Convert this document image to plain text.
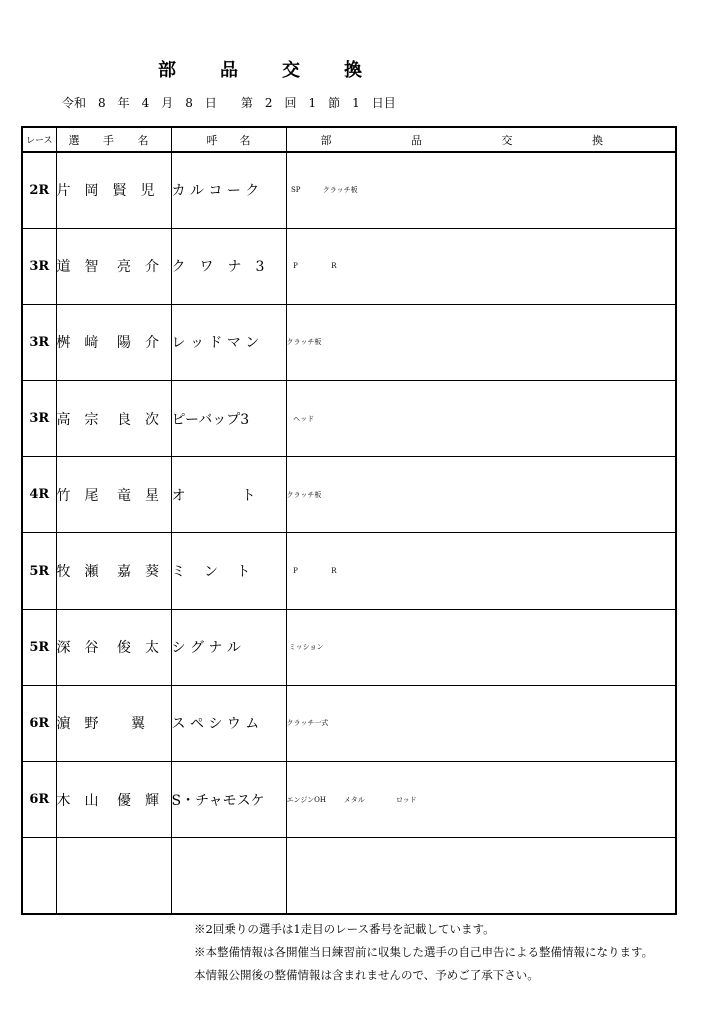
部品交換
令和　8　年　4　月　8　日　　第　2　回　1　節　1　日目
レース	選 手 名	呼　　名	部 品 交 換
2R	片　岡　賢　児	カ ル コ ー ク	SP          クラッチ板
3R	道　智　 亮　介	ク　ワ　ナ　3	P               R
3R	桝　﨑　 陽　介	レ ッ ド マ ン	クラッチ板
3R	高　宗　 良　次	ピーバップ3	ヘッド
4R	竹　尾　 竜　星	オ　　　　ト	クラッチ板
5R	牧　瀬　 嘉　葵	ミ　 ン　 ト	P               R
5R	深　谷　 俊　太	シ グ ナ ル	ミッション
6R	濵　野　　 翼	ス ペ シ ウ ム	クラッチ一式
6R	木　山　 優　輝	S・チャモスケ	エンジンOH        メタル              ロッド

※2回乗りの選手は1走目のレース番号を記載しています。
※本整備情報は各開催当日練習前に収集した選手の自己申告による整備情報になります。
本情報公開後の整備情報は含まれませんので、予めご了承下さい。
